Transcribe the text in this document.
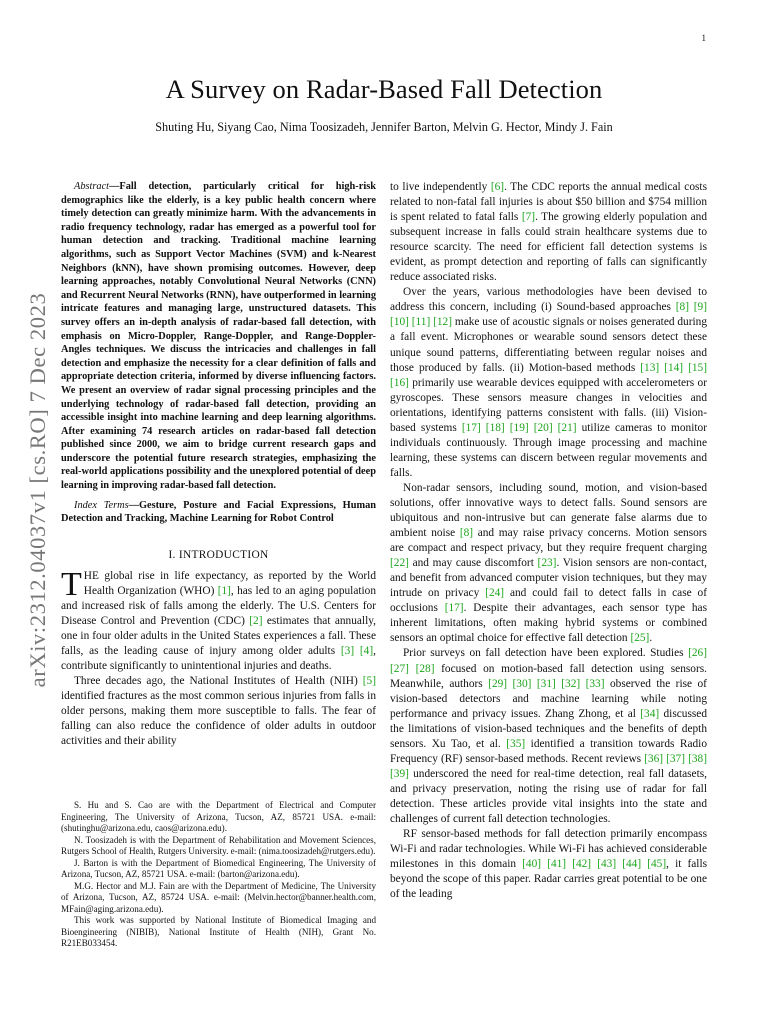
1
A Survey on Radar-Based Fall Detection
Shuting Hu, Siyang Cao, Nima Toosizadeh, Jennifer Barton, Melvin G. Hector, Mindy J. Fain
arXiv:2312.04037v1 [cs.RO] 7 Dec 2023

Abstract—Fall detection, particularly critical for high-risk demographics like the elderly, is a key public health concern where timely detection can greatly minimize harm. With the advancements in radio frequency technology, radar has emerged as a powerful tool for human detection and tracking. Traditional machine learning algorithms, such as Support Vector Machines (SVM) and k-Nearest Neighbors (kNN), have shown promising outcomes. However, deep learning approaches, notably Convolutional Neural Networks (CNN) and Recurrent Neural Networks (RNN), have outperformed in learning intricate features and managing large, unstructured datasets. This survey offers an in-depth analysis of radar-based fall detection, with emphasis on Micro-Doppler, Range-Doppler, and Range-Doppler-Angles techniques. We discuss the intricacies and challenges in fall detection and emphasize the necessity for a clear definition of falls and appropriate detection criteria, informed by diverse influencing factors. We present an overview of radar signal processing principles and the underlying technology of radar-based fall detection, providing an accessible insight into machine learning and deep learning algorithms. After examining 74 research articles on radar-based fall detection published since 2000, we aim to bridge current research gaps and underscore the potential future research strategies, emphasizing the real-world applications possibility and the unexplored potential of deep learning in improving radar-based fall detection.

Index Terms—Gesture, Posture and Facial Expressions, Human Detection and Tracking, Machine Learning for Robot Control

I. INTRODUCTION

THE global rise in life expectancy, as reported by the World Health Organization (WHO) [1], has led to an aging population and increased risk of falls among the elderly. The U.S. Centers for Disease Control and Prevention (CDC) [2] estimates that annually, one in four older adults in the United States experiences a fall. These falls, as the leading cause of injury among older adults [3] [4], contribute significantly to unintentional injuries and deaths.

Three decades ago, the National Institutes of Health (NIH) [5] identified fractures as the most common serious injuries from falls in older persons, making them more susceptible to falls. The fear of falling can also reduce the confidence of older adults in outdoor activities and their ability

S. Hu and S. Cao are with the Department of Electrical and Computer Engineering, The University of Arizona, Tucson, AZ, 85721 USA. e-mail: (shutinghu@arizona.edu, caos@arizona.edu).

N. Toosizadeh is with the Department of Rehabilitation and Movement Sciences, Rutgers School of Health, Rutgers University. e-mail: (nima.toosizadeh@rutgers.edu).

J. Barton is with the Department of Biomedical Engineering, The University of Arizona, Tucson, AZ, 85721 USA. e-mail: (barton@arizona.edu).

M.G. Hector and M.J. Fain are with the Department of Medicine, The University of Arizona, Tucson, AZ, 85724 USA. e-mail: (Melvin.hector@banner.health.com, MFain@aging.arizona.edu).

This work was supported by National Institute of Biomedical Imaging and Bioengineering (NIBIB), National Institute of Health (NIH), Grant No. R21EB033454.

to live independently [6]. The CDC reports the annual medical costs related to non-fatal fall injuries is about $50 billion and $754 million is spent related to fatal falls [7]. The growing elderly population and subsequent increase in falls could strain healthcare systems due to resource scarcity. The need for efficient fall detection systems is evident, as prompt detection and reporting of falls can significantly reduce associated risks.

Over the years, various methodologies have been devised to address this concern, including (i) Sound-based approaches [8] [9] [10] [11] [12] make use of acoustic signals or noises generated during a fall event. Microphones or wearable sound sensors detect these unique sound patterns, differentiating between regular noises and those produced by falls. (ii) Motion-based methods [13] [14] [15] [16] primarily use wearable devices equipped with accelerometers or gyroscopes. These sensors measure changes in velocities and orientations, identifying patterns consistent with falls. (iii) Vision-based systems [17] [18] [19] [20] [21] utilize cameras to monitor individuals continuously. Through image processing and machine learning, these systems can discern between regular movements and falls.

Non-radar sensors, including sound, motion, and vision-based solutions, offer innovative ways to detect falls. Sound sensors are ubiquitous and non-intrusive but can generate false alarms due to ambient noise [8] and may raise privacy concerns. Motion sensors are compact and respect privacy, but they require frequent charging [22] and may cause discomfort [23]. Vision sensors are non-contact, and benefit from advanced computer vision techniques, but they may intrude on privacy [24] and could fail to detect falls in case of occlusions [17]. Despite their advantages, each sensor type has inherent limitations, often making hybrid systems or combined sensors an optimal choice for effective fall detection [25].

Prior surveys on fall detection have been explored. Studies [26] [27] [28] focused on motion-based fall detection using sensors. Meanwhile, authors [29] [30] [31] [32] [33] observed the rise of vision-based detectors and machine learning while noting performance and privacy issues. Zhang Zhong, et al [34] discussed the limitations of vision-based techniques and the benefits of depth sensors. Xu Tao, et al. [35] identified a transition towards Radio Frequency (RF) sensor-based methods. Recent reviews [36] [37] [38] [39] underscored the need for real-time detection, real fall datasets, and privacy preservation, noting the rising use of radar for fall detection. These articles provide vital insights into the state and challenges of current fall detection technologies.

RF sensor-based methods for fall detection primarily encompass Wi-Fi and radar technologies. While Wi-Fi has achieved considerable milestones in this domain [40] [41] [42] [43] [44] [45], it falls beyond the scope of this paper. Radar carries great potential to be one of the leading
